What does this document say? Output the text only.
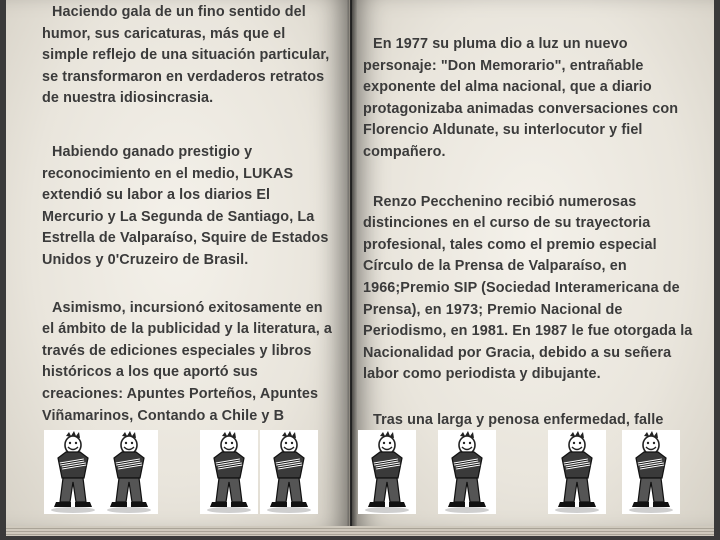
Haciendo gala de un fino sentido del humor, sus caricaturas, más que el simple reflejo de una situación particular, se transformaron en verdaderos retratos de nuestra idiosincrasia.

Habiendo ganado prestigio y reconocimiento en el medio, LUKAS extendió su labor a los diarios El Mercurio y La Segunda de Santiago, La Estrella de Valparaíso, Squire de Estados Unidos y 0'Cruzeiro de Brasil.

Asimismo, incursionó exitosamente en el ámbito de la publicidad y la literatura, a través de ediciones especiales y libros históricos a los que aportó sus creaciones: Apuntes Porteños, Apuntes Viñamarinos, Contando a Chile y B

En 1977 su pluma dio a luz un nuevo personaje: "Don Memorario", entrañable exponente del alma nacional, que a diario protagonizaba animadas conversaciones con Florencio Aldunate, su interlocutor y fiel compañero.

Renzo Pecchenino recibió numerosas distinciones en el curso de su trayectoria profesional, tales como el premio especial Círculo de la Prensa de Valparaíso, en 1966;Premio SIP (Sociedad Interamericana de Prensa), en 1973; Premio Nacional de Periodismo, en 1981. En 1987 le fue otorgada la Nacionalidad por Gracia, debido a su señera labor como periodista y dibujante.

Tras una larga y penosa enfermedad, falle
